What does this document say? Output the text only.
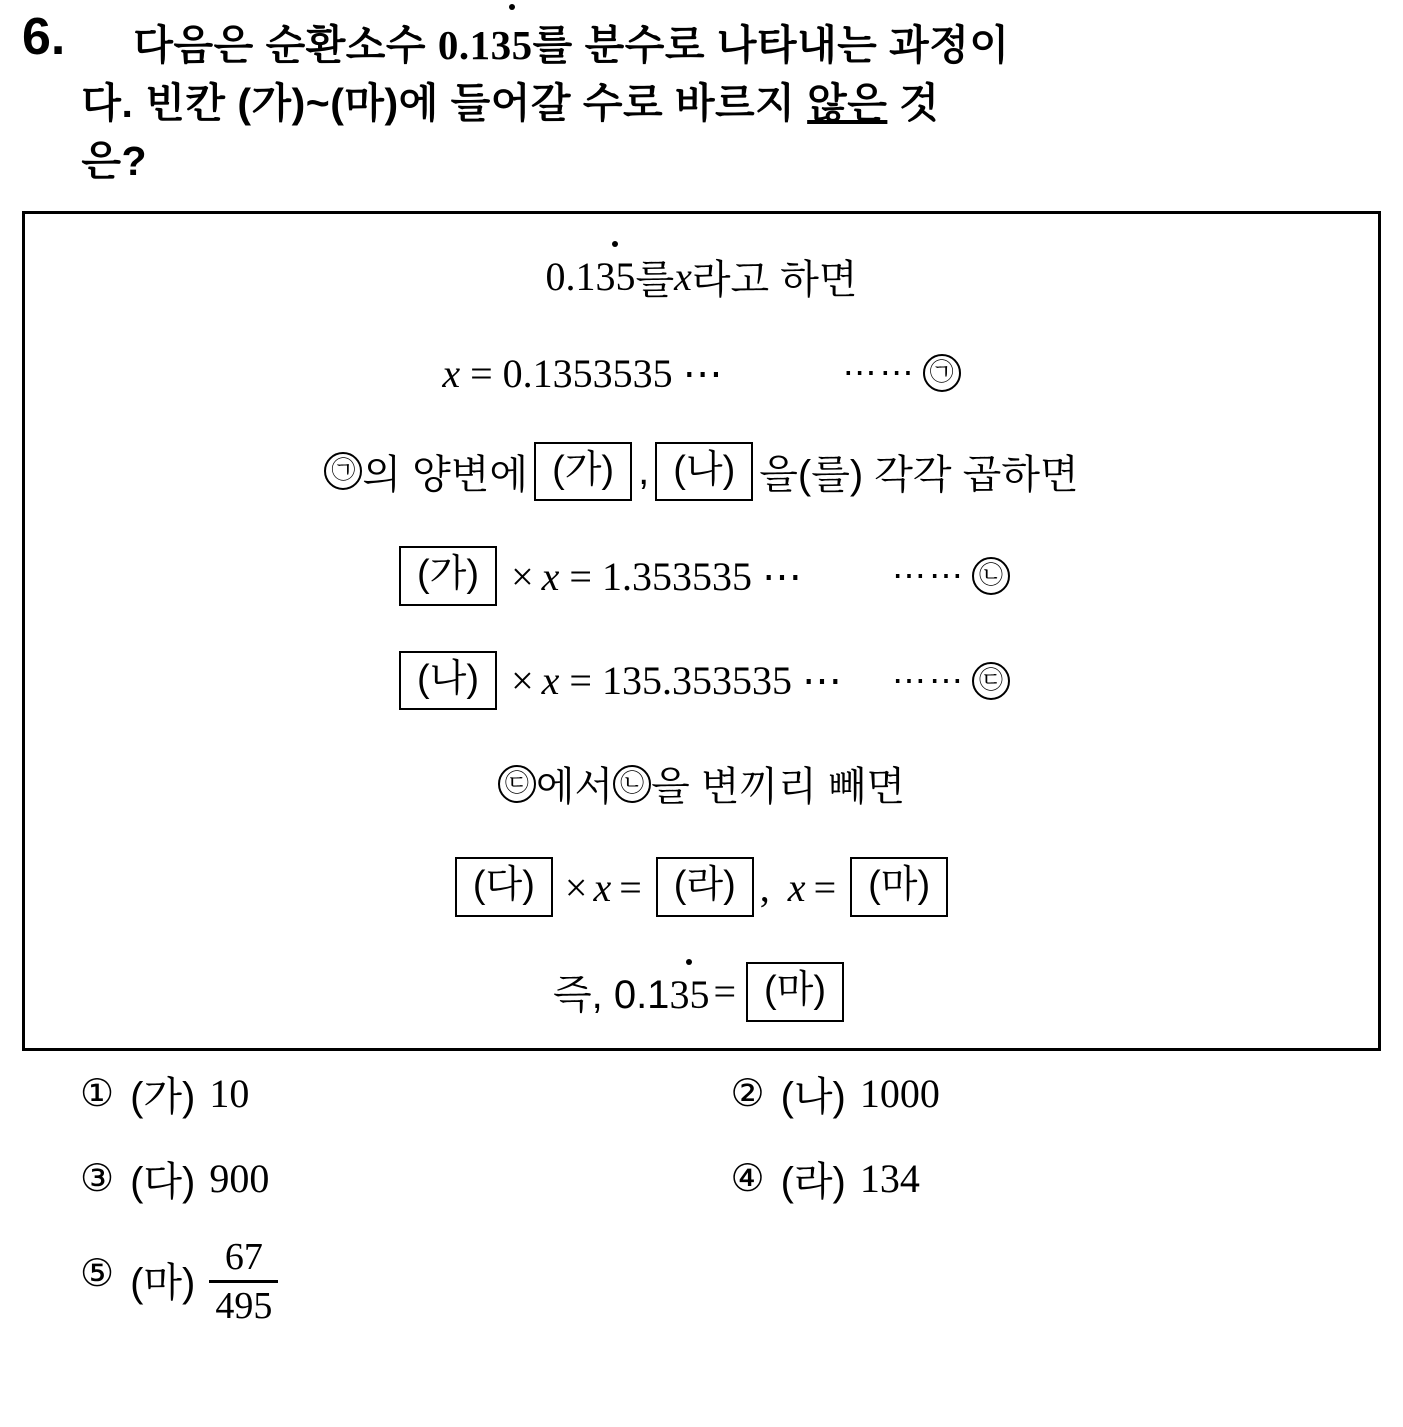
6.	다음은 순환소수 0.135를 분수로 나타내는 과정이
다. 빈칸 (가)~(마)에 들어갈 수로 바르지 않은 것
은?
0.135 를 x 라고 하면
x = 0.1353535 ⋯	⋯⋯ ㉠
㉠ 의 양변에 (가) , (나) 을(를) 각각 곱하면
(가) × x = 1.353535 ⋯	⋯⋯ ㉡
(나) × x = 135.353535 ⋯ ⋯⋯ ㉢
㉢ 에서 ㉡ 을 변끼리 빼면
(다) × x = (라) , x = (마)
즉, 0.135 = (마)
① (가) 10	② (나) 1000
③ (다) 900	④ (라) 134
⑤ (마) $\frac{67}{495}$
